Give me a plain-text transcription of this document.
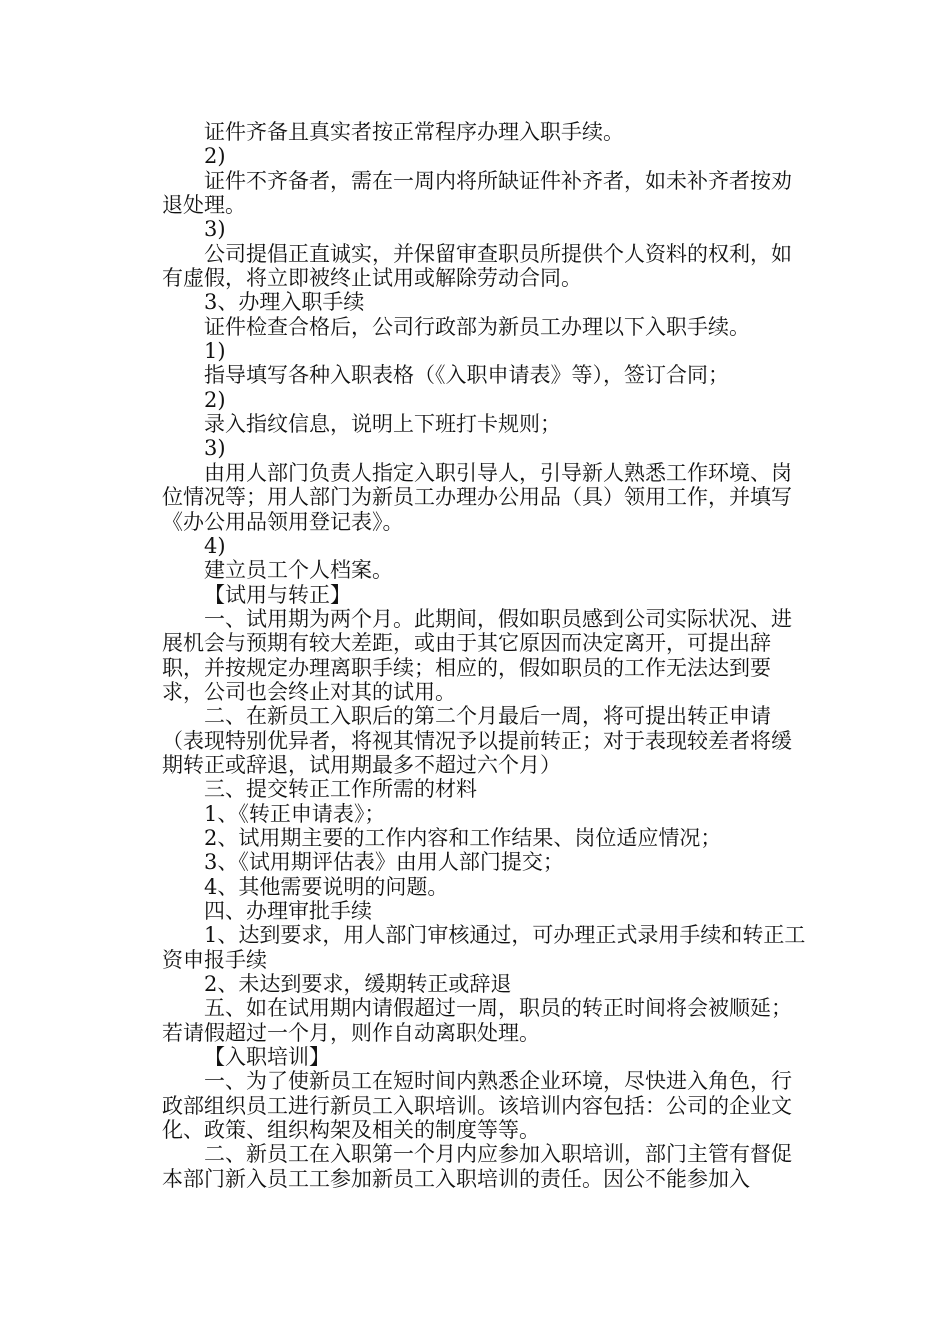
证件齐备且真实者按正常程序办理入职手续。

2)

证件不齐备者，需在一周内将所缺证件补齐者，如未补齐者按劝退处理。

3)

公司提倡正直诚实，并保留审查职员所提供个人资料的权利，如有虚假，将立即被终止试用或解除劳动合同。

3、办理入职手续

证件检查合格后，公司行政部为新员工办理以下入职手续。

1)

指导填写各种入职表格（《入职申请表》等），签订合同；

2)

录入指纹信息，说明上下班打卡规则；

3)

由用人部门负责人指定入职引导人，引导新人熟悉工作环境、岗位情况等；用人部门为新员工办理办公用品（具）领用工作，并填写《办公用品领用登记表》。

4)

建立员工个人档案。

【试用与转正】

一、试用期为两个月。此期间，假如职员感到公司实际状况、进展机会与预期有较大差距，或由于其它原因而决定离开，可提出辞职，并按规定办理离职手续；相应的，假如职员的工作无法达到要求，公司也会终止对其的试用。

二、在新员工入职后的第二个月最后一周，将可提出转正申请（表现特别优异者，将视其情况予以提前转正；对于表现较差者将缓期转正或辞退，试用期最多不超过六个月）

三、提交转正工作所需的材料

1、《转正申请表》；

2、试用期主要的工作内容和工作结果、岗位适应情况；

3、《试用期评估表》由用人部门提交；

4、其他需要说明的问题。

四、办理审批手续

1、达到要求，用人部门审核通过，可办理正式录用手续和转正工资申报手续

2、未达到要求，缓期转正或辞退

五、如在试用期内请假超过一周，职员的转正时间将会被顺延；若请假超过一个月，则作自动离职处理。

【入职培训】

一、为了使新员工在短时间内熟悉企业环境，尽快进入角色，行政部组织员工进行新员工入职培训。该培训内容包括：公司的企业文化、政策、组织构架及相关的制度等等。

二、新员工在入职第一个月内应参加入职培训，部门主管有督促本部门新入员工工参加新员工入职培训的责任。因公不能参加入
